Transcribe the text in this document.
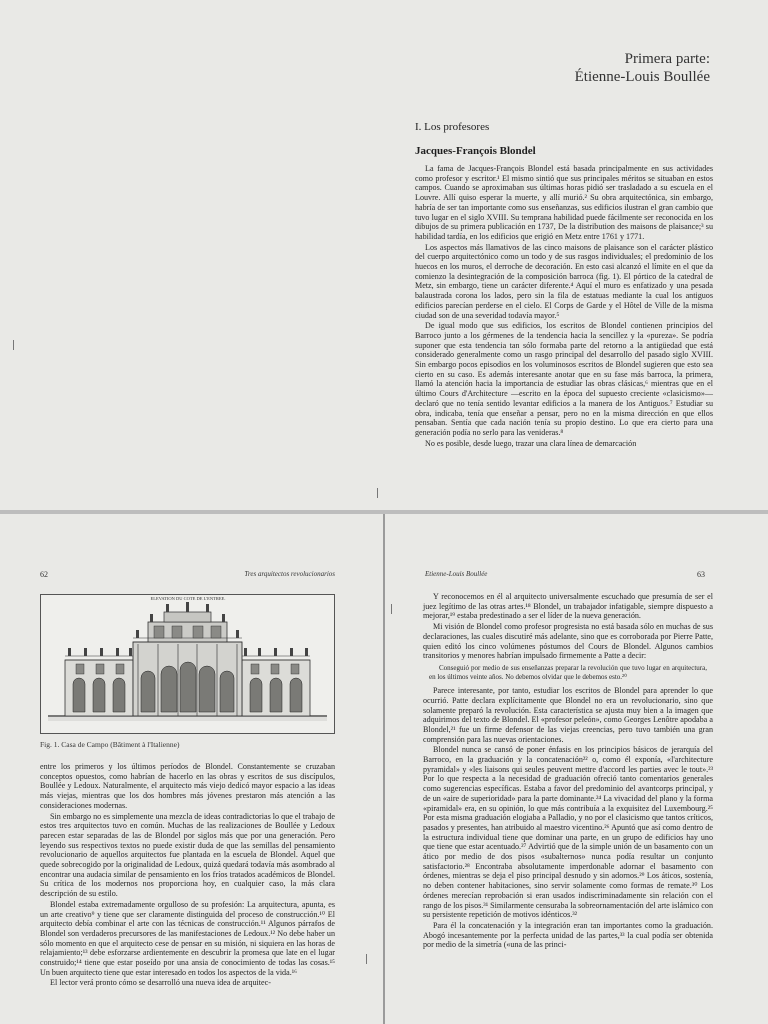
Primera parte:
Étienne-Louis Boullée
I. Los profesores
Jacques-François Blondel

La fama de Jacques-François Blondel está basada principalmente en sus actividades como profesor y escritor.¹ El mismo sintió que sus principales méritos se situaban en estos campos. Cuando se aproximaban sus últimas horas pidió ser trasladado a su escuela en el Louvre. Allí quiso esperar la muerte, y allí murió.² Su obra arquitectónica, sin embargo, habría de ser tan importante como sus enseñanzas, sus edificios ilustran el gran cambio que tuvo lugar en el siglo XVIII. Su temprana habilidad puede fácilmente ser reconocida en los dibujos de su primera publicación en 1737, De la distribution des maisons de plaisance;³ su habilidad tardía, en los edificios que erigió en Metz entre 1761 y 1771.

Los aspectos más llamativos de las cinco maisons de plaisance son el carácter plástico del cuerpo arquitectónico como un todo y de sus rasgos individuales; el predominio de los huecos en los muros, el derroche de decoración. En esto casi alcanzó el límite en el que da comienzo la desintegración de la composición barroca (fig. 1). El pórtico de la catedral de Metz, sin embargo, tiene un carácter diferente.⁴ Aquí el muro es enfatizado y una pesada balaustrada corona los lados, pero sin la fila de estatuas mediante la cual los antiguos edificios parecían perderse en el cielo. El Corps de Garde y el Hôtel de Ville de la misma ciudad son de una severidad todavía mayor.⁵

De igual modo que sus edificios, los escritos de Blondel contienen principios del Barroco junto a los gérmenes de la tendencia hacia la sencillez y la «pureza». Se podría suponer que esta tendencia tan sólo formaba parte del retorno a la antigüedad que está considerado generalmente como un rasgo principal del desarrollo del pasado siglo XVIII. Sin embargo pocos episodios en los voluminosos escritos de Blondel sugieren que esto sea cierto en su caso. Es además interesante anotar que en su fase más barroca, la primera, llamó la atención hacia la importancia de estudiar las obras clásicas,⁶ mientras que en el último Cours d'Architecture —escrito en la época del supuesto creciente «clasicismo»— declaró que no tenía sentido levantar edificios a la manera de los Antiguos.⁷ Estudiar su obra, indicaba, tenía que enseñar a pensar, pero no en la misma dirección en que ellos pensaban. Sentía que cada nación tenía su propio destino. Lo que era cierto para una generación podía no serlo para las venideras.⁸

No es posible, desde luego, trazar una clara línea de demarcación

62	Tres arquitectos revolucionarios
ELEVATION DU COTE DE L'ENTREE.
Fig. 1. Casa de Campo (Bâtiment à l'Italienne)

entre los primeros y los últimos períodos de Blondel. Constantemente se cruzaban conceptos opuestos, como habrían de hacerlo en las obras y escritos de sus discípulos, Boullée y Ledoux. Naturalmente, el arquitecto más viejo dedicó mayor espacio a las ideas más viejas, mientras que los dos hombres más jóvenes prestaron más atención a las consideraciones modernas.

Sin embargo no es simplemente una mezcla de ideas contradictorias lo que el trabajo de estos tres arquitectos tuvo en común. Muchas de las realizaciones de Boullée y Ledoux parecen estar separadas de las de Blondel por siglos más que por una generación. Pero leyendo sus respectivos textos no puede existir duda de que las semillas del pensamiento revolucionario de aquellos arquitectos fue plantada en la escuela de Blondel. Aquel que quede sobrecogido por la originalidad de Ledoux, quizá quedará todavía más asombrado al encontrar una audacia similar de pensamiento en los fríos tratados académicos de Blondel. Su crítica de los modernos nos proporciona hoy, en cualquier caso, la más clara descripción de su estilo.

Blondel estaba extremadamente orgulloso de su profesión: La arquitectura, apunta, es un arte creativo⁹ y tiene que ser claramente distinguida del proceso de construcción.¹⁰ El arquitecto debía combinar el arte con las técnicas de construcción.¹¹ Algunos párrafos de Blondel son verdaderos precursores de las manifestaciones de Ledoux.¹² No debe haber un sólo momento en que el arquitecto cese de pensar en su misión, ni siquiera en las horas de relajamiento;¹³ debe esforzarse ardientemente en descubrir la promesa que late en el lugar construido;¹⁴ tiene que estar poseído por una ansia de conocimiento de todas las cosas.¹⁵ Un buen arquitecto tiene que estar interesado en todos los aspectos de la vida.¹⁶

El lector verá pronto cómo se desarrolló una nueva idea de arquitec-

Etienne-Louis Boullée	63

Y reconocemos en él al arquitecto universalmente escuchado que presumía de ser el juez legítimo de las otras artes.¹⁸ Blondel, un trabajador infatigable, siempre dispuesto a mejorar,¹⁹ estaba predestinado a ser el líder de la nueva generación.

Mi visión de Blondel como profesor progresista no está basada sólo en muchas de sus declaraciones, las cuales discutiré más adelante, sino que es corroborada por Pierre Patte, quien editó los cinco volúmenes póstumos del Cours de Blondel. Algunos cambios transitorios y menores habrían impulsado firmemente a Patte a decir:

Conseguió por medio de sus enseñanzas preparar la revolución que tuvo lugar en arquitectura, en los últimos veinte años. No debemos olvidar que le debemos esto.²⁰

Parece interesante, por tanto, estudiar los escritos de Blondel para aprender lo que ocurrió. Patte declara explícitamente que Blondel no era un revolucionario, sino que solamente preparó la revolución. Esta característica se ajusta muy bien a la imagen que adquirimos del texto de Blondel. El «profesor peleón», como Georges Lenôtre apodaba a Blondel,²¹ fue un firme defensor de las viejas creencias, pero tuvo también una gran comprensión para las nuevas orientaciones.

Blondel nunca se cansó de poner énfasis en los principios básicos de jerarquía del Barroco, en la graduación y la concatenación²² o, como él exponía, «l'architecture pyramidal» y «les liaisons qui seules peuvent mettre d'accord les parties avec le tout».²³ Por lo que respecta a la necesidad de graduación ofreció tanto comentarios generales como sugerencias específicas. Estaba a favor del predominio del avantcorps principal, y de un «aire de superioridad» para la parte dominante.²⁴ La vivacidad del plano y la forma «piramidal» era, en su opinión, lo que más contribuía a la exquisitez del Luxembourg.²⁵ Por esta misma graduación elogiaba a Palladio, y no por el clasicismo que tantos críticos, pasados y presentes, han atribuido al maestro vicentino.²⁶ Apuntó que así como dentro de la estructura individual tiene que dominar una parte, en un grupo de edificios hay uno que tiene que estar acentuado.²⁷ Advirtió que de la simple unión de un basamento con un ático por medio de dos pisos «subalternos» nunca podía resultar un conjunto satisfactorio.²⁸ Encontraba absolutamente imperdonable adornar el basamento con órdenes, mientras se deja el piso principal desnudo y sin adornos.²⁹ Los áticos, sostenía, no deben contener habitaciones, sino servir solamente como formas de remate.³⁰ Los órdenes merecían reprobación si eran usados indiscriminadamente sin relación con el rango de los pisos.³¹ Similarmente censuraba la sobreornamentación del arte islámico con su persistente repetición de motivos idénticos.³²

Para él la concatenación y la integración eran tan importantes como la graduación. Abogó incesantemente por la perfecta unidad de las partes,³³ la cual podía ser obtenida por medio de la simetría («una de las princi-
